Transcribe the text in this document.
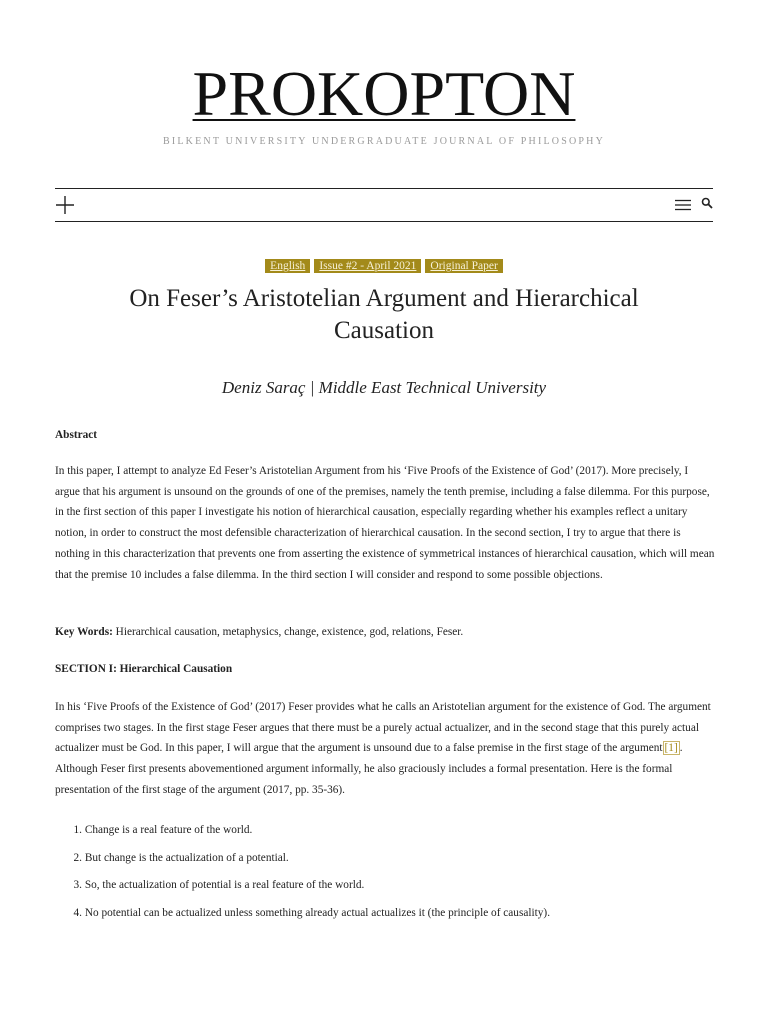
PROKOPTON
BILKENT UNIVERSITY UNDERGRADUATE JOURNAL OF PHILOSOPHY
English Issue #2 - April 2021 Original Paper
On Feser’s Aristotelian Argument and Hierarchical Causation
Deniz Saraç | Middle East Technical University
Abstract

In this paper, I attempt to analyze Ed Feser’s Aristotelian Argument from his ‘Five Proofs of the Existence of God’ (2017). More precisely, I argue that his argument is unsound on the grounds of one of the premises, namely the tenth premise, including a false dilemma. For this purpose, in the first section of this paper I investigate his notion of hierarchical causation, especially regarding whether his examples reflect a unitary notion, in order to construct the most defensible characterization of hierarchical causation. In the second section, I try to argue that there is nothing in this characterization that prevents one from asserting the existence of symmetrical instances of hierarchical causation, which will mean that the premise 10 includes a false dilemma. In the third section I will consider and respond to some possible objections.

Key Words: Hierarchical causation, metaphysics, change, existence, god, relations, Feser.
SECTION I: Hierarchical Causation
In his ‘Five Proofs of the Existence of God’ (2017) Feser provides what he calls an Aristotelian argument for the existence of God. The argument comprises two stages. In the first stage Feser argues that there must be a purely actual actualizer, and in the second stage that this purely actual actualizer must be God. In this paper, I will argue that the argument is unsound due to a false premise in the first stage of the argument [1] . Although Feser first presents abovementioned argument informally, he also graciously includes a formal presentation. Here is the formal presentation of the first stage of the argument (2017, pp. 35-36).
1. Change is a real feature of the world.
2. But change is the actualization of a potential.
3. So, the actualization of potential is a real feature of the world.
4. No potential can be actualized unless something already actual actualizes it (the principle of causality).
